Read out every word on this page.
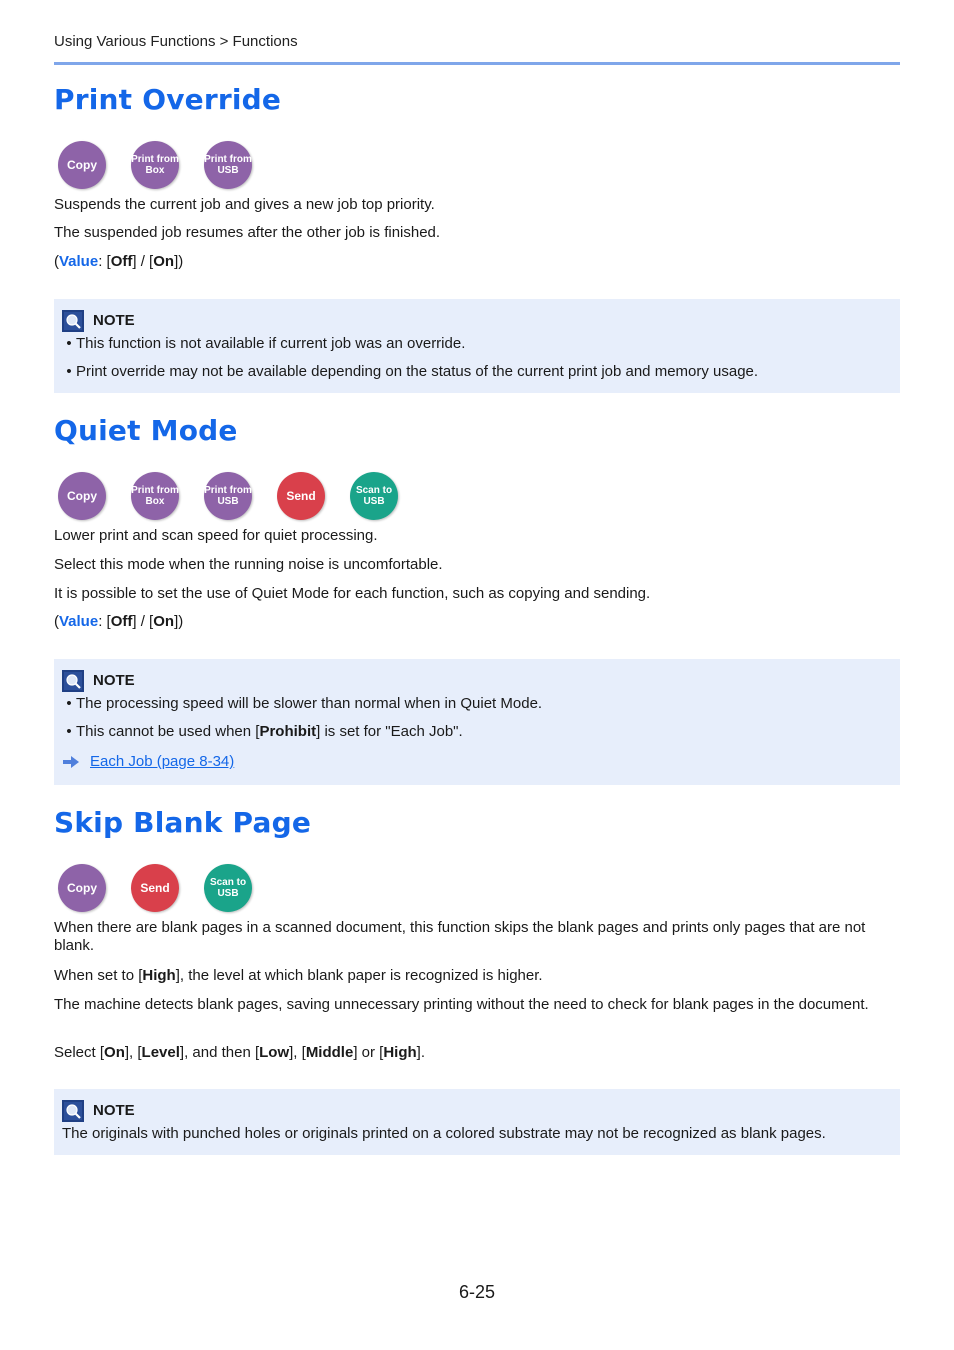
Using Various Functions > Functions
Print Override
Copy	Print from
Box
Print from
USB

Suspends the current job and gives a new job top priority.

The suspended job resumes after the other job is finished.

(Value: [Off] / [On])

NOTE
• This function is not available if current job was an override.
• Print override may not be available depending on the status of the current print job and memory usage.
Quiet Mode
Copy	Print from
Box
Print from
USB	Send	Scan to
USB

Lower print and scan speed for quiet processing.

Select this mode when the running noise is uncomfortable.

It is possible to set the use of Quiet Mode for each function, such as copying and sending.

(Value: [Off] / [On])

NOTE
• The processing speed will be slower than normal when in Quiet Mode.
• This cannot be used when [Prohibit] is set for "Each Job".
Each Job (page 8-34)
Skip Blank Page
Copy	Send	Scan to
USB

When there are blank pages in a scanned document, this function skips the blank pages and prints only pages that are not blank.

When set to [High], the level at which blank paper is recognized is higher.

The machine detects blank pages, saving unnecessary printing without the need to check for blank pages in the document.

Select [On], [Level], and then [Low], [Middle] or [High].

NOTE
The originals with punched holes or originals printed on a colored substrate may not be recognized as blank pages.
6-25
